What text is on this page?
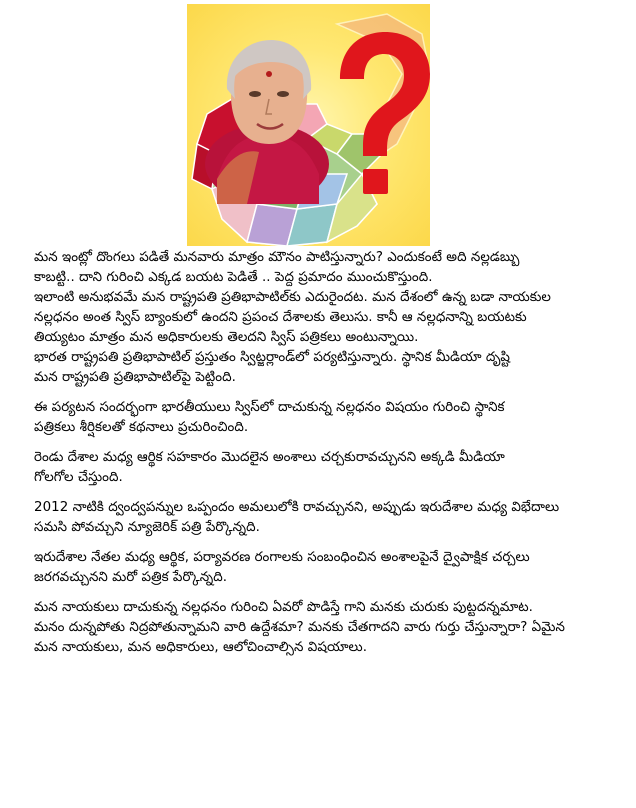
మన ఇంట్లో దొంగలు పడితే మనవారు మాత్రం మౌనం పాటిస్తున్నారు? ఎందుకంటే అది నల్లడబ్బు
కాబట్టి.. దాని గురించి ఎక్కడ బయట పెడితే .. పెద్ద ప్రమాదం ముంచుకొస్తుంది.
ఇలాంటి అనుభవమే మన రాష్ట్రపతి ప్రతిభాపాటిల్‌కు ఎదురైందట. మన దేశంలో ఉన్న బడా నాయకుల
నల్లధనం అంత స్విస్ బ్యాంకులో ఉందని ప్రపంచ దేశాలకు తెలుసు. కానీ ఆ నల్లధనాన్ని బయటకు
తియ్యటం మాత్రం మన అధికారులకు తెలదని స్విస్ పత్రికలు అంటున్నాయి.
భారత రాష్ట్రపతి ప్రతిభాపాటిల్ ప్రస్తుతం స్విట్జర్లాండ్‌లో పర్యటిస్తున్నారు. స్థానిక మీడియా దృష్టి
మన రాష్ట్రపతి ప్రతిభాపాటిల్‌పై పెట్టింది.
ఈ పర్యటన సందర్భంగా భారతీయులు స్విస్‌లో దాచుకున్న నల్లధనం విషయం గురించి స్థానిక
పత్రికలు శీర్షికలతో కథనాలు ప్రచురించింది.
రెండు దేశాల మధ్య ఆర్థిక సహకారం మొదలైన అంశాలు చర్చకురావచ్చునని అక్కడి మీడియా
గోలగోల చేస్తుంది.
2012 నాటికి ద్వంద్వపన్నుల ఒప్పందం అమలులోకి రావచ్చునని, అప్పుడు ఇరుదేశాల మధ్య విభేదాలు
సమసి పోవచ్చుని న్యూజెరిక్ పత్రి పేర్కొన్నది.
ఇరుదేశాల నేతల మధ్య ఆర్థిక, పర్యావరణ రంగాలకు సంబంధించిన అంశాలపైనే ద్వైపాక్షిక చర్చలు
జరగవచ్చునని మరో పత్రిక పేర్కొన్నది.
మన నాయకులు దాచుకున్న నల్లధనం గురించి ఏవరో పొడిస్తే గాని మనకు చురుకు పుట్టదన్నమాట.
మనం దున్నపోతు నిద్రపోతున్నామని వారి ఉద్దేశమా? మనకు చేతగాదని వారు గుర్తు చేస్తున్నారా? ఏమైన
మన నాయకులు, మన అధికారులు, ఆలోచించాల్సిన విషయాలు.
